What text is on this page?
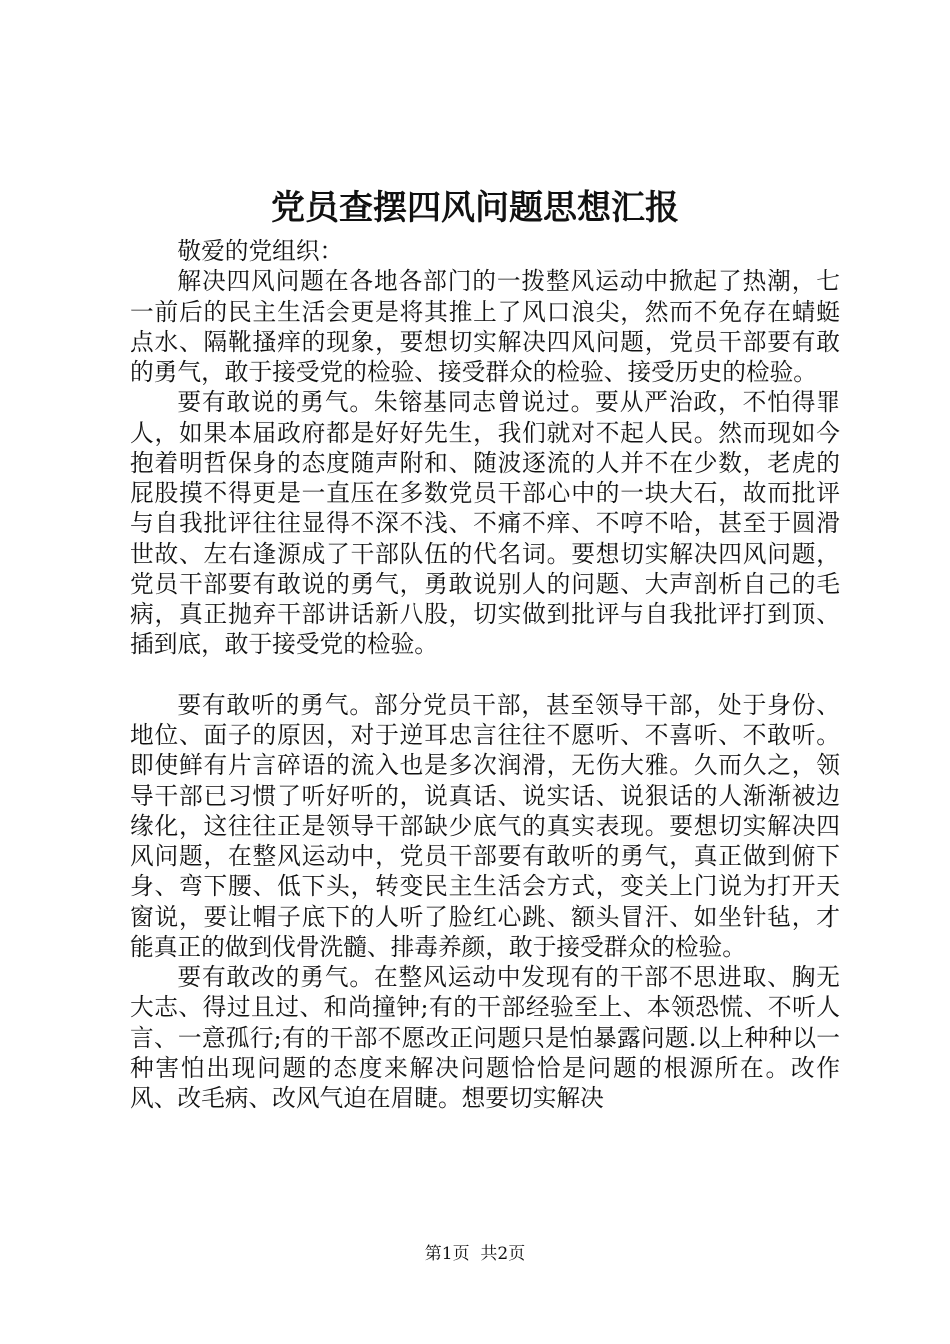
党员查摆四风问题思想汇报

敬爱的党组织：

解决四风问题在各地各部门的一拨整风运动中掀起了热潮，七一前后的民主生活会更是将其推上了风口浪尖，然而不免存在蜻蜓点水、隔靴搔痒的现象，要想切实解决四风问题，党员干部要有敢的勇气，敢于接受党的检验、接受群众的检验、接受历史的检验。

要有敢说的勇气。朱镕基同志曾说过。要从严治政，不怕得罪人，如果本届政府都是好好先生，我们就对不起人民。然而现如今抱着明哲保身的态度随声附和、随波逐流的人并不在少数，老虎的屁股摸不得更是一直压在多数党员干部心中的一块大石，故而批评与自我批评往往显得不深不浅、不痛不痒、不哼不哈，甚至于圆滑世故、左右逢源成了干部队伍的代名词。要想切实解决四风问题，党员干部要有敢说的勇气，勇敢说别人的问题、大声剖析自己的毛病，真正抛弃干部讲话新八股，切实做到批评与自我批评打到顶、插到底，敢于接受党的检验。

要有敢听的勇气。部分党员干部，甚至领导干部，处于身份、地位、面子的原因，对于逆耳忠言往往不愿听、不喜听、不敢听。即使鲜有片言碎语的流入也是多次润滑，无伤大雅。久而久之，领导干部已习惯了听好听的，说真话、说实话、说狠话的人渐渐被边缘化，这往往正是领导干部缺少底气的真实表现。要想切实解决四风问题，在整风运动中，党员干部要有敢听的勇气，真正做到俯下身、弯下腰、低下头，转变民主生活会方式，变关上门说为打开天窗说，要让帽子底下的人听了脸红心跳、额头冒汗、如坐针毡，才能真正的做到伐骨洗髓、排毒养颜，敢于接受群众的检验。

要有敢改的勇气。在整风运动中发现有的干部不思进取、胸无大志、得过且过、和尚撞钟;有的干部经验至上、本领恐慌、不听人言、一意孤行;有的干部不愿改正问题只是怕暴露问题.以上种种以一种害怕出现问题的态度来解决问题恰恰是问题的根源所在。改作风、改毛病、改风气迫在眉睫。想要切实解决

第1页  共2页
